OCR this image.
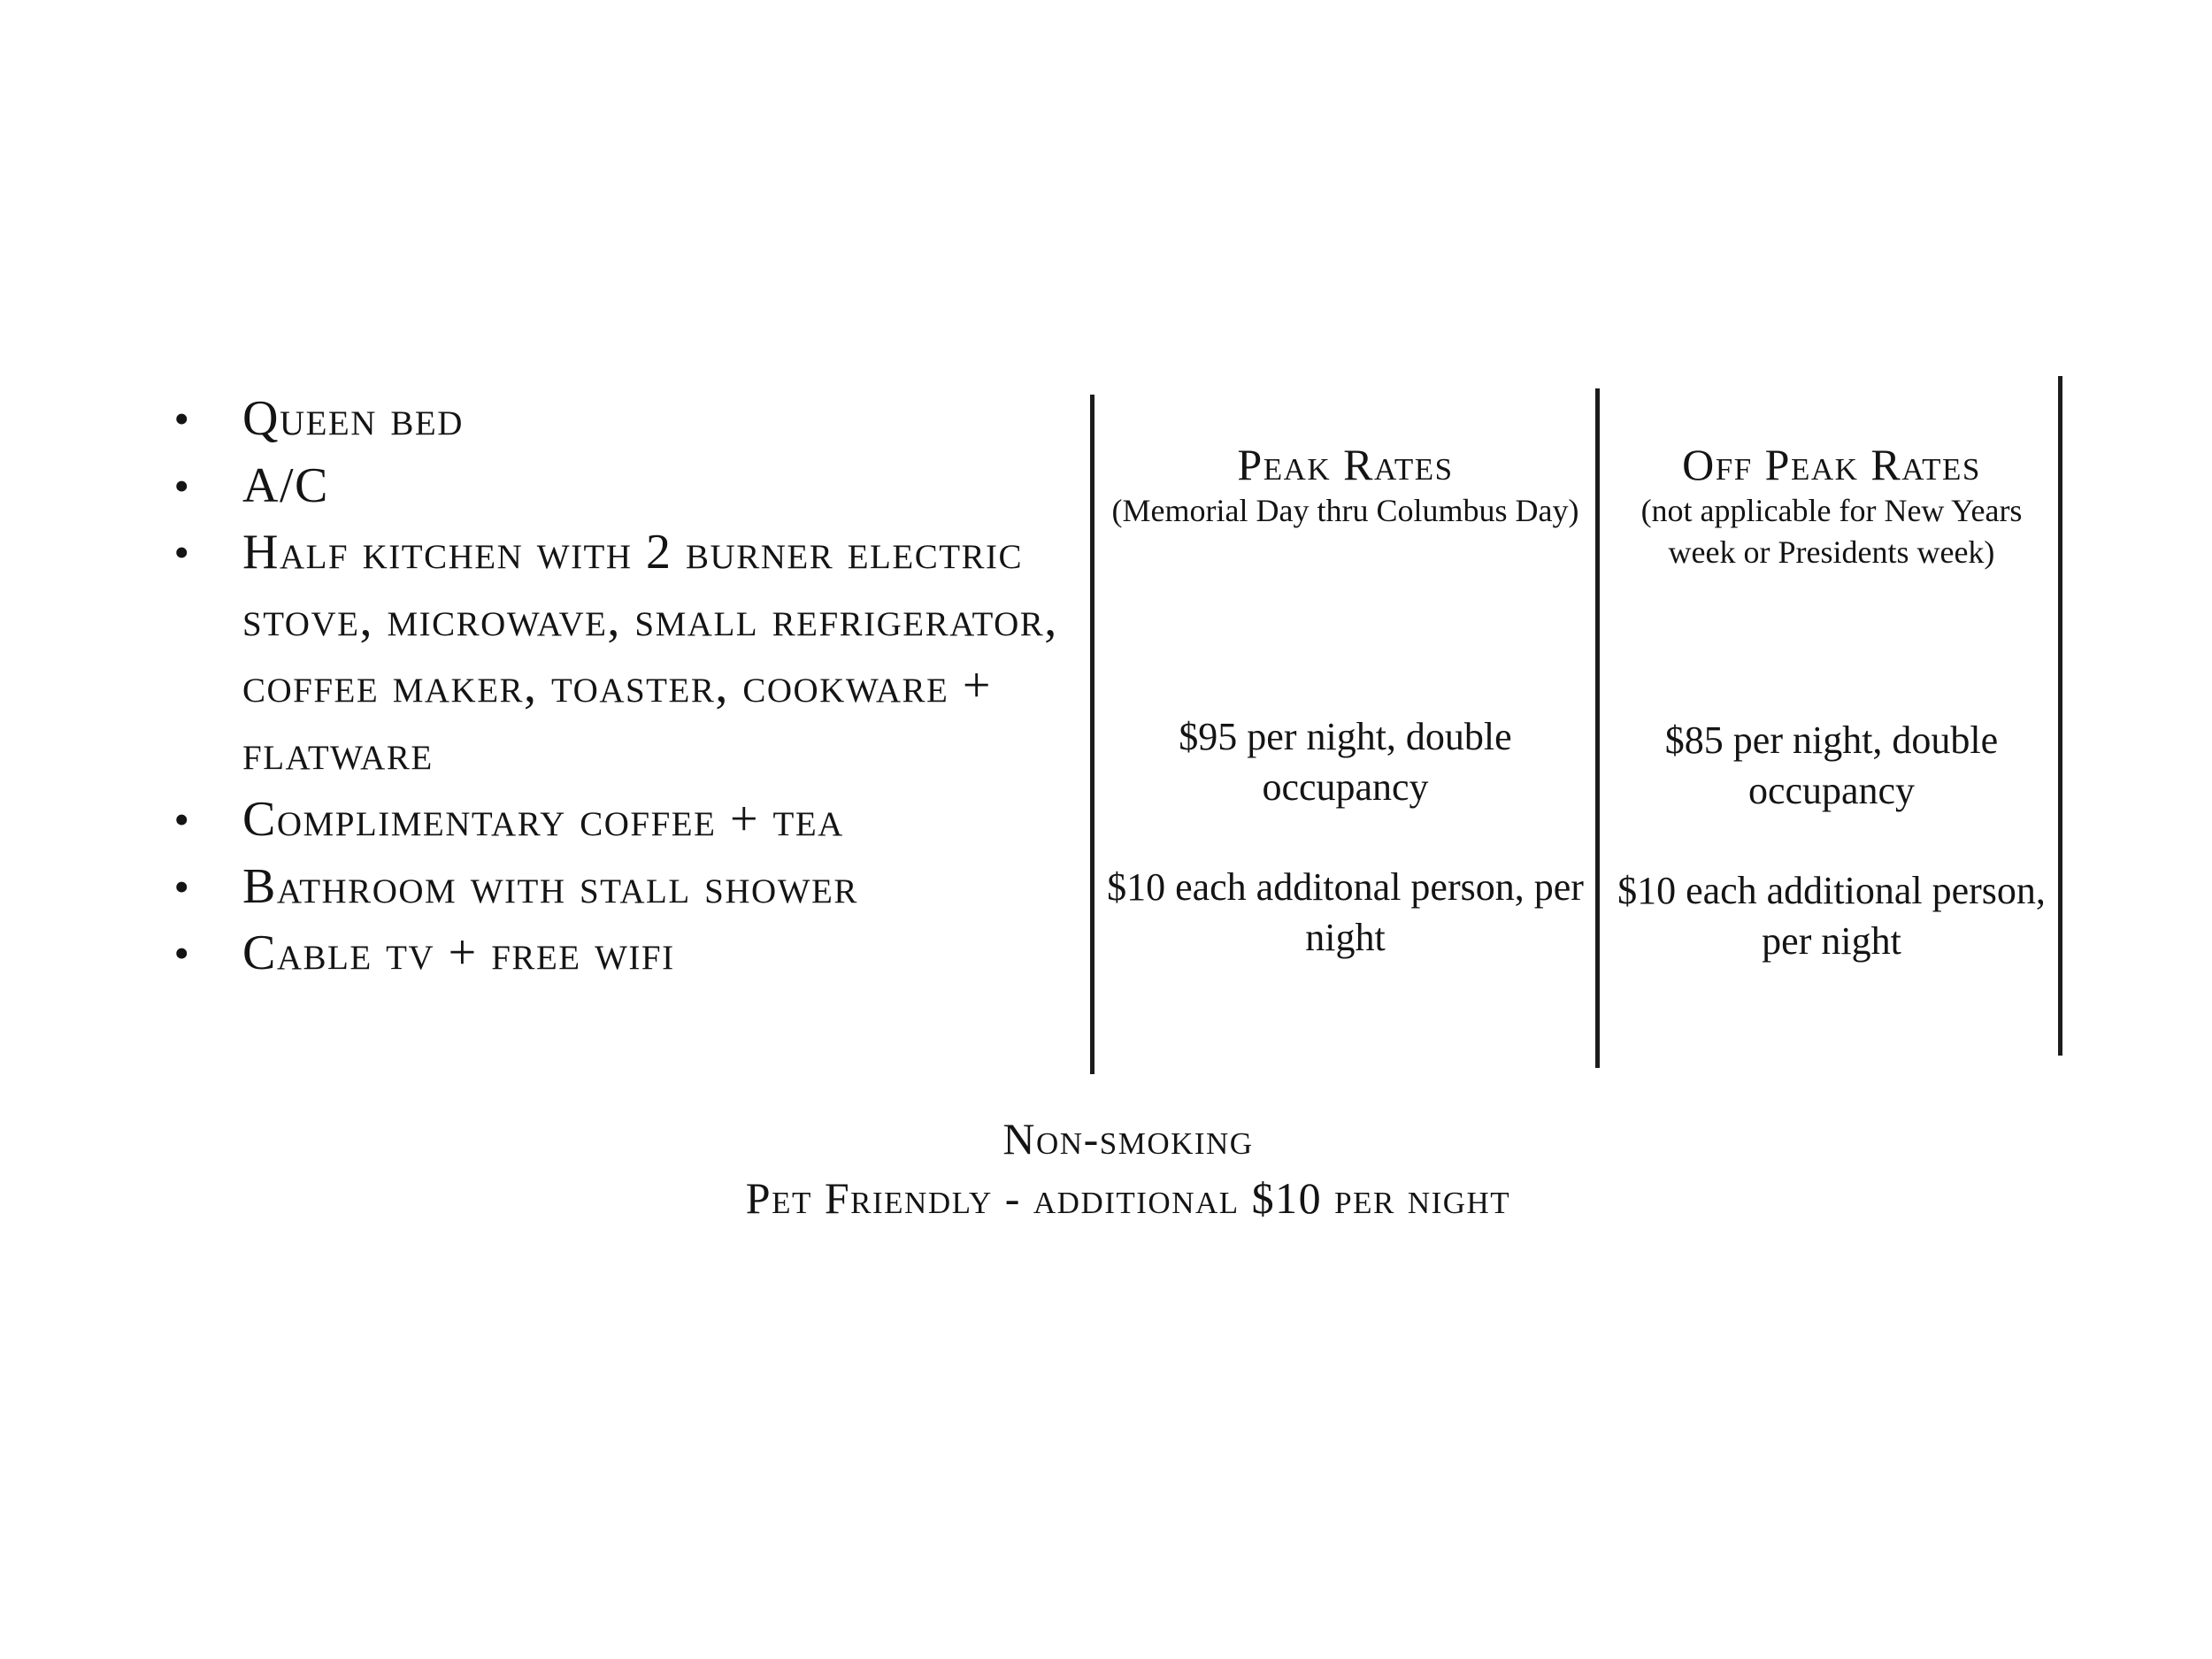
• Queen bed
• A/C
• Half kitchen with 2 burner electric stove, microwave, small refrigerator, coffee maker, toaster, cookware + flatware
• Complimentary coffee + tea
• Bathroom with stall shower
• Cable tv + free wifi
Peak Rates
(Memorial Day thru Columbus Day)
$95 per night, double occupancy
$10 each additonal person, per night
Off Peak Rates
(not applicable for New Years week or Presidents week)
$85 per night, double occupancy
$10 each additional person, per night
Non-smoking
Pet Friendly - additional $10 per night
